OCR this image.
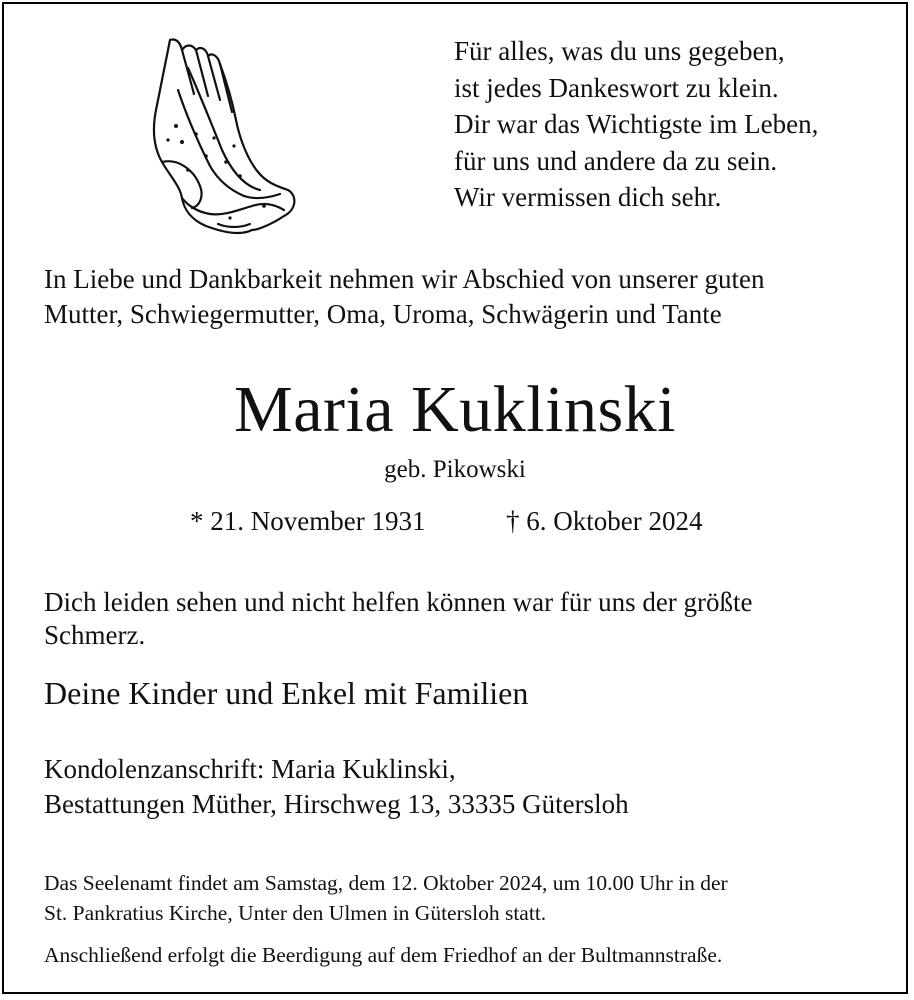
Für alles, was du uns gegeben,
ist jedes Dankeswort zu klein.
Dir war das Wichtigste im Leben,
für uns und andere da zu sein.
Wir vermissen dich sehr.
In Liebe und Dankbarkeit nehmen wir Abschied von unserer guten
Mutter, Schwiegermutter, Oma, Uroma, Schwägerin und Tante
Maria Kuklinski
geb. Pikowski
* 21. November 1931	† 6. Oktober 2024
Dich leiden sehen und nicht helfen können war für uns der größte
Schmerz.
Deine Kinder und Enkel mit Familien
Kondolenzanschrift: Maria Kuklinski,
Bestattungen Müther, Hirschweg 13, 33335 Gütersloh
Das Seelenamt findet am Samstag, dem 12. Oktober 2024, um 10.00 Uhr in der
St. Pankratius Kirche, Unter den Ulmen in Gütersloh statt.
Anschließend erfolgt die Beerdigung auf dem Friedhof an der Bultmannstraße.
